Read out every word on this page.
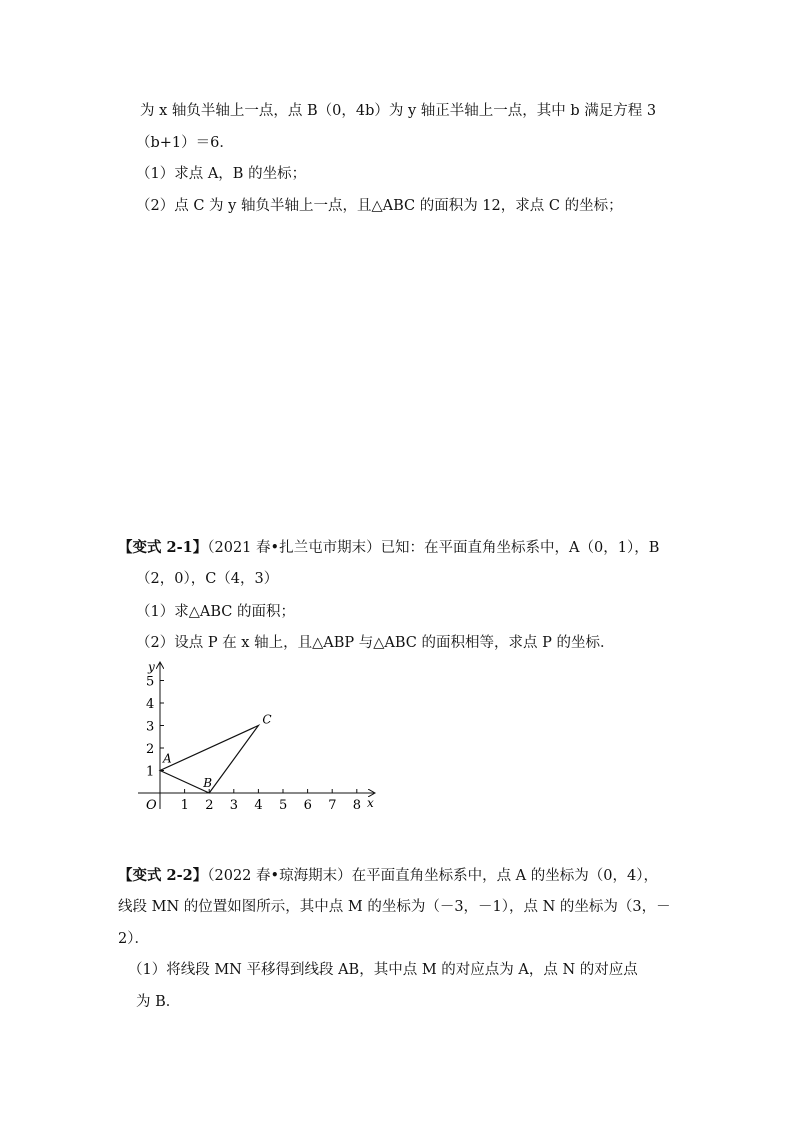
为 x 轴负半轴上一点，点 B（0，4b）为 y 轴正半轴上一点，其中 b 满足方程 3
（b+1）＝6．
（1）求点 A，B 的坐标；
（2）点 C 为 y 轴负半轴上一点，且△ABC 的面积为 12，求点 C 的坐标；
【变式 2-1】（2021 春•扎兰屯市期末）已知：在平面直角坐标系中，A（0，1），B
（2，0），C（4，3）
（1）求△ABC 的面积；
（2）设点 P 在 x 轴上，且△ABP 与△ABC 的面积相等，求点 P 的坐标．
1 2 3 4 5 6 7 8
1
2
3
4
5
x
y
O
A
B
C
【变式 2-2】（2022 春•琼海期末）在平面直角坐标系中，点 A 的坐标为（0，4），
线段 MN 的位置如图所示，其中点 M 的坐标为（－3，－1），点 N 的坐标为（3，－
2）．
（1）将线段 MN 平移得到线段 AB，其中点 M 的对应点为 A，点 N 的对应点
为 B．
